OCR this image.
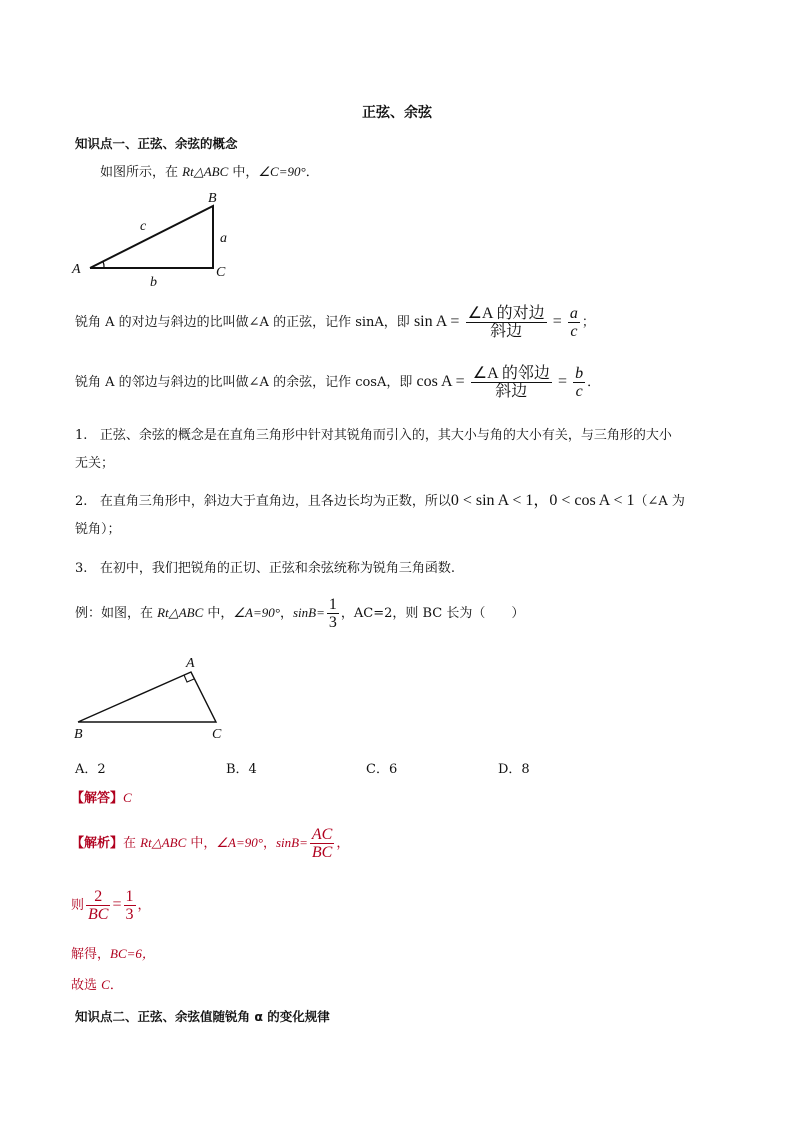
正弦、余弦
知识点一、正弦、余弦的概念
如图所示，在 Rt△ABC 中，∠C=90°．
A
B
C
a
b
c
锐角 A 的对边与斜边的比叫做∠A 的正弦，记作 sinA，即 $\sin A = \frac{\text{∠A 的对边}}{\text{斜边}} = \frac{a}{c}$ ；
锐角 A 的邻边与斜边的比叫做∠A 的余弦，记作 cosA，即 $\cos A = \frac{\text{∠A 的邻边}}{\text{斜边}} = \frac{b}{c}$ ．
1. 正弦、余弦的概念是在直角三角形中针对其锐角而引入的，其大小与角的大小有关，与三角形的大小
无关；
2. 在直角三角形中，斜边大于直角边，且各边长均为正数，所以0 < sin A < 1，0 < cos A < 1（∠A 为
锐角）；
3. 在初中，我们把锐角的正切、正弦和余弦统称为锐角三角函数.
例：如图，在 Rt△ABC 中，∠A=90°，$\sin B= \frac{1}{3}$ ，AC=2，则 BC 长为（　　）
A
B	C
A．2	B．4	C．6	D．8
【解答】C
【解析】在 Rt△ABC 中，∠A=90°，$\sin B= \frac{AC}{BC}$ ，
则 $\frac{2}{BC} = \frac{1}{3}$ ，
解得，BC=6，
故选 C．
知识点二、正弦、余弦值随锐角 α 的变化规律
